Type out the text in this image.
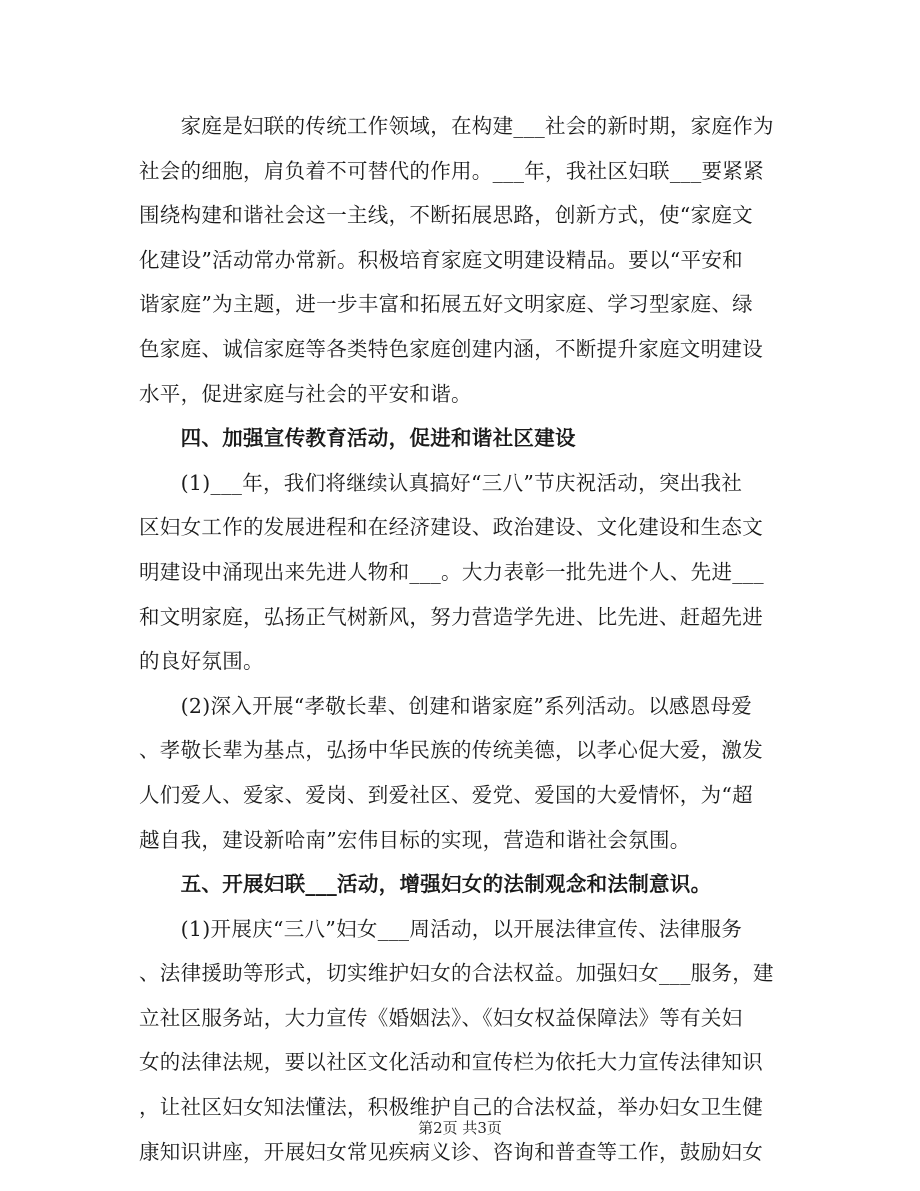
　　家庭是妇联的传统工作领域，在构建___社会的新时期，家庭作为
社会的细胞，肩负着不可替代的作用。___年，我社区妇联___要紧紧
围绕构建和谐社会这一主线，不断拓展思路，创新方式，使“家庭文
化建设”活动常办常新。积极培育家庭文明建设精品。要以“平安和
谐家庭”为主题，进一步丰富和拓展五好文明家庭、学习型家庭、绿
色家庭、诚信家庭等各类特色家庭创建内涵，不断提升家庭文明建设
水平，促进家庭与社会的平安和谐。
　　四、加强宣传教育活动，促进和谐社区建设
　　(1)___年，我们将继续认真搞好“三八”节庆祝活动，突出我社
区妇女工作的发展进程和在经济建设、政治建设、文化建设和生态文
明建设中涌现出来先进人物和___。大力表彰一批先进个人、先进___
和文明家庭，弘扬正气树新风，努力营造学先进、比先进、赶超先进
的良好氛围。
　　(2)深入开展“孝敬长辈、创建和谐家庭”系列活动。以感恩母爱
、孝敬长辈为基点，弘扬中华民族的传统美德，以孝心促大爱，激发
人们爱人、爱家、爱岗、到爱社区、爱党、爱国的大爱情怀，为“超
越自我，建设新哈南”宏伟目标的实现，营造和谐社会氛围。
　　五、开展妇联___活动，增强妇女的法制观念和法制意识。
　　(1)开展庆“三八”妇女___周活动，以开展法律宣传、法律服务
、法律援助等形式，切实维护妇女的合法权益。加强妇女___服务，建
立社区服务站，大力宣传《婚姻法》、《妇女权益保障法》等有关妇
女的法律法规，要以社区文化活动和宣传栏为依托大力宣传法律知识
，让社区妇女知法懂法，积极维护自己的合法权益，举办妇女卫生健
康知识讲座，开展妇女常见疾病义诊、咨询和普查等工作，鼓励妇女
第2页 共3页
